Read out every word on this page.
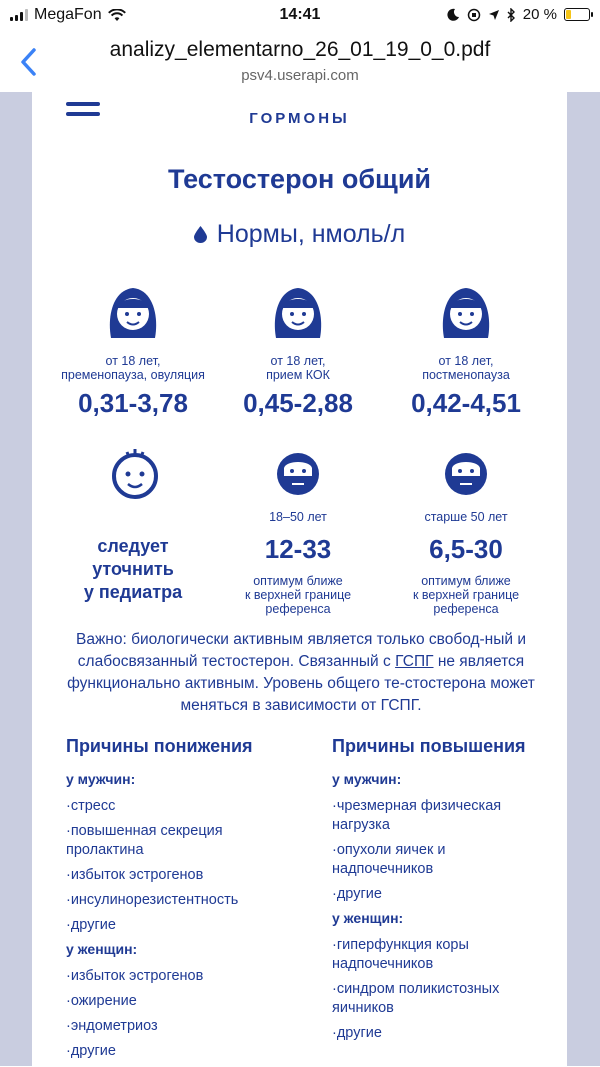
MegaFon	14:41	20 %
analizy_elementarno_26_01_19_0_0.pdf
psv4.userapi.com
ГОРМОНЫ
Тестостерон общий
Нормы, нмоль/л
от 18 лет,
пременопауза, овуляция
0,31-3,78
от 18 лет,
прием КОК
0,45-2,88
от 18 лет,
постменопауза
0,42-4,51
следует
уточнить
у педиатра
18–50 лет
12-33
оптимум ближе
к верхней границе
референса
старше 50 лет
6,5-30
оптимум ближе
к верхней границе
референса
Важно: биологически активным является только свобод-ный и слабосвязанный тестостерон. Связанный с ГСПГ не является функционально активным. Уровень общего те-стостерона может меняться в зависимости от ГСПГ.
Причины понижения
у мужчин:
·стресс
·повышенная секреция
пролактина
·избыток эстрогенов
·инсулинорезистентность
·другие
у женщин:
·избыток эстрогенов
·ожирение
·эндометриоз
·другие
Причины повышения
у мужчин:
·чрезмерная физическая
нагрузка
·опухоли яичек и
надпочечников
·другие
у женщин:
·гиперфункция коры
надпочечников
·синдром поликистозных
яичников
·другие
